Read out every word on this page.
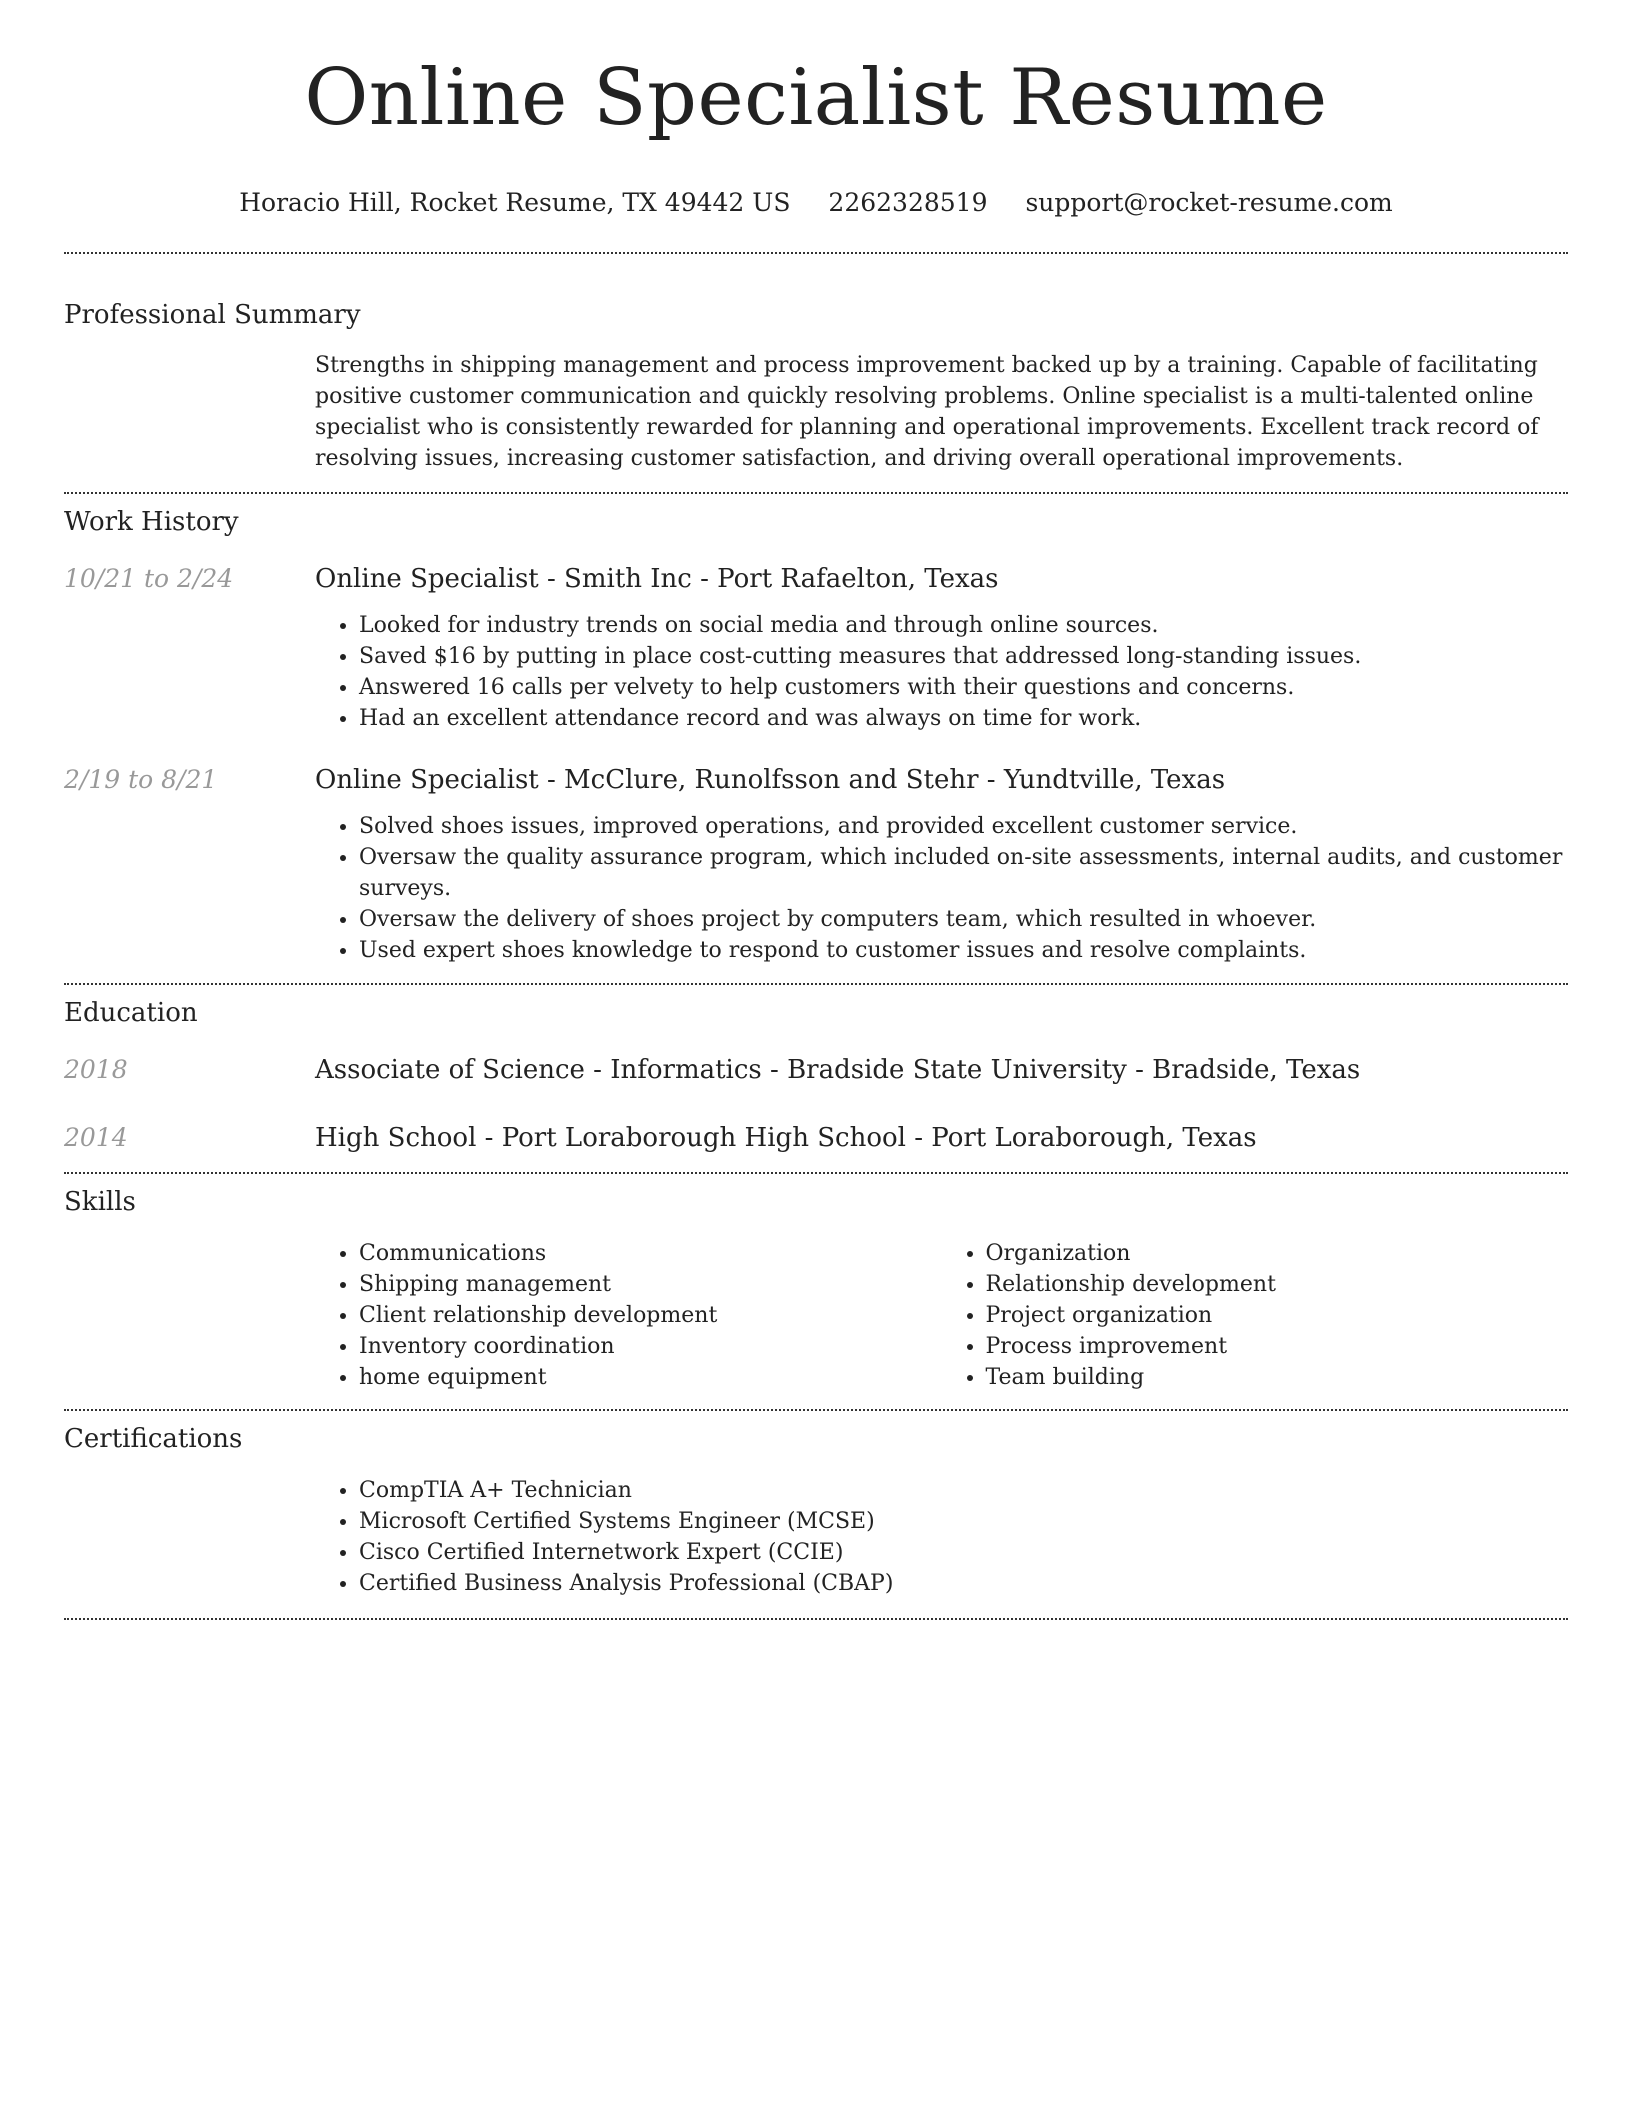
Online Specialist Resume
Horacio Hill, Rocket Resume, TX 49442 US 2262328519 support@rocket-resume.com
Professional Summary
Strengths in shipping management and process improvement backed up by a training. Capable of facilitating positive customer communication and quickly resolving problems. Online specialist is a multi-talented online specialist who is consistently rewarded for planning and operational improvements. Excellent track record of resolving issues, increasing customer satisfaction, and driving overall operational improvements.
Work History
10/21 to 2/24	Online Specialist - Smith Inc - Port Rafaelton, Texas
• Looked for industry trends on social media and through online sources.
• Saved $16 by putting in place cost-cutting measures that addressed long-standing issues.
• Answered 16 calls per velvety to help customers with their questions and concerns.
• Had an excellent attendance record and was always on time for work.
2/19 to 8/21	Online Specialist - McClure, Runolfsson and Stehr - Yundtville, Texas
• Solved shoes issues, improved operations, and provided excellent customer service.
• Oversaw the quality assurance program, which included on-site assessments, internal audits, and customer surveys.
• Oversaw the delivery of shoes project by computers team, which resulted in whoever.
• Used expert shoes knowledge to respond to customer issues and resolve complaints.
Education
2018	Associate of Science - Informatics - Bradside State University - Bradside, Texas
2014	High School - Port Loraborough High School - Port Loraborough, Texas
Skills
• Communications
• Shipping management
• Client relationship development
• Inventory coordination
• home equipment
• Organization
• Relationship development
• Project organization
• Process improvement
• Team building
Certifications
• CompTIA A+ Technician
• Microsoft Certified Systems Engineer (MCSE)
• Cisco Certified Internetwork Expert (CCIE)
• Certified Business Analysis Professional (CBAP)
